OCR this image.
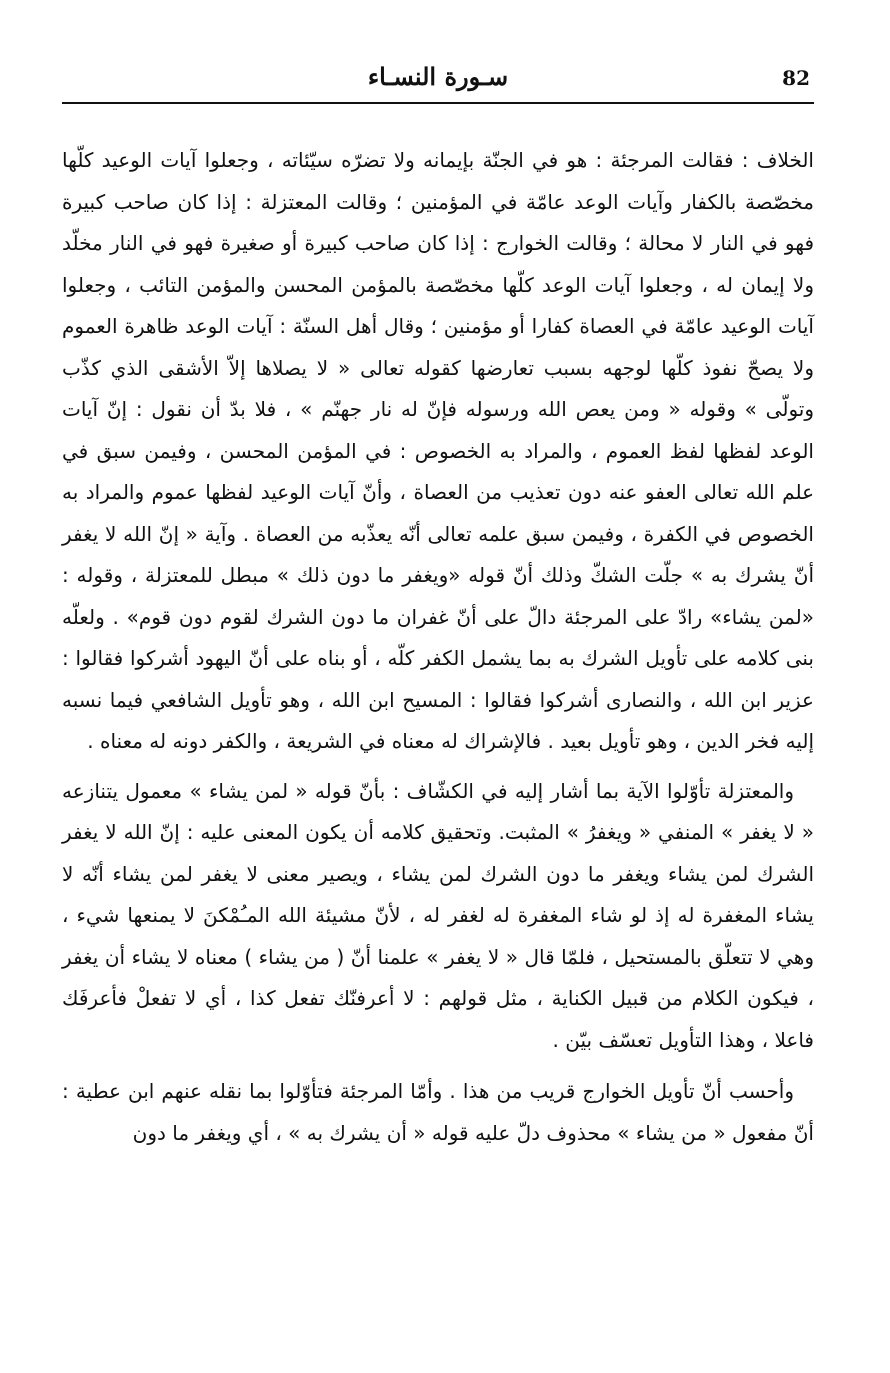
82
سـورة النسـاء

الخلاف : فقالت المرجئة : هو في الجنّة بإيمانه ولا تضرّه سيّئاته ، وجعلوا آيات الوعيد كلّها مخصّصة بالكفار وآيات الوعد عامّة في المؤمنين ؛ وقالت المعتزلة : إذا كان صاحب كبيرة فهو في النار لا محالة ؛ وقالت الخوارج : إذا كان صاحب كبيرة أو صغيرة فهو في النار مخلّد ولا إيمان له ، وجعلوا آيات الوعد كلّها مخصّصة بالمؤمن المحسن والمؤمن التائب ، وجعلوا آيات الوعيد عامّة في العصاة كفارا أو مؤمنين ؛ وقال أهل السنّة : آيات الوعد ظاهرة العموم ولا يصحّ نفوذ كلّها لوجهه بسبب تعارضها كقوله تعالى « لا يصلاها إلاّ الأشقى الذي كذّب وتولّى » وقوله « ومن يعص الله ورسوله فإنّ له نار جهنّم » ، فلا بدّ أن نقول : إنّ آيات الوعد لفظها لفظ العموم ، والمراد به الخصوص : في المؤمن المحسن ، وفيمن سبق في علم الله تعالى العفو عنه دون تعذيب من العصاة ، وأنّ آيات الوعيد لفظها عموم والمراد به الخصوص في الكفرة ، وفيمن سبق علمه تعالى أنّه يعذّبه من العصاة . وآية « إنّ الله لا يغفر أنّ يشرك به » جلّت الشكّ وذلك أنّ قوله «ويغفر ما دون ذلك » مبطل للمعتزلة ، وقوله : «لمن يشاء» رادّ على المرجئة دالّ على أنّ غفران ما دون الشرك لقوم دون قوم» . ولعلّه بنى كلامه على تأويل الشرك به بما يشمل الكفر كلّه ، أو بناه على أنّ اليهود أشركوا فقالوا : عزير ابن الله ، والنصارى أشركوا فقالوا : المسيح ابن الله ، وهو تأويل الشافعي فيما نسبه إليه فخر الدين ، وهو تأويل بعيد . فالإشراك له معناه في الشريعة ، والكفر دونه له معناه .

والمعتزلة تأوّلوا الآية بما أشار إليه في الكشّاف : بأنّ قوله « لمن يشاء » معمول يتنازعه « لا يغفر » المنفي « ويغفرُ » المثبت. وتحقيق كلامه أن يكون المعنى عليه : إنّ الله لا يغفر الشرك لمن يشاء ويغفر ما دون الشرك لمن يشاء ، ويصير معنى لا يغفر لمن يشاء أنّه لا يشاء المغفرة له إذ لو شاء المغفرة له لغفر له ، لأنّ مشيئة الله المـُمْكنَ لا يمنعها شيء ، وهي لا تتعلّق بالمستحيل ، فلمّا قال « لا يغفر » علمنا أنّ ( من يشاء ) معناه لا يشاء أن يغفر ، فيكون الكلام من قبيل الكناية ، مثل قولهم : لا أعرفنّك تفعل كذا ، أي لا تفعلْ فأعرفَك فاعلا ، وهذا التأويل تعسّف بيّن .

وأحسب أنّ تأويل الخوارج قريب من هذا . وأمّا المرجئة فتأوّلوا بما نقله عنهم ابن عطية : أنّ مفعول « من يشاء » محذوف دلّ عليه قوله « أن يشرك به » ، أي ويغفر ما دون
